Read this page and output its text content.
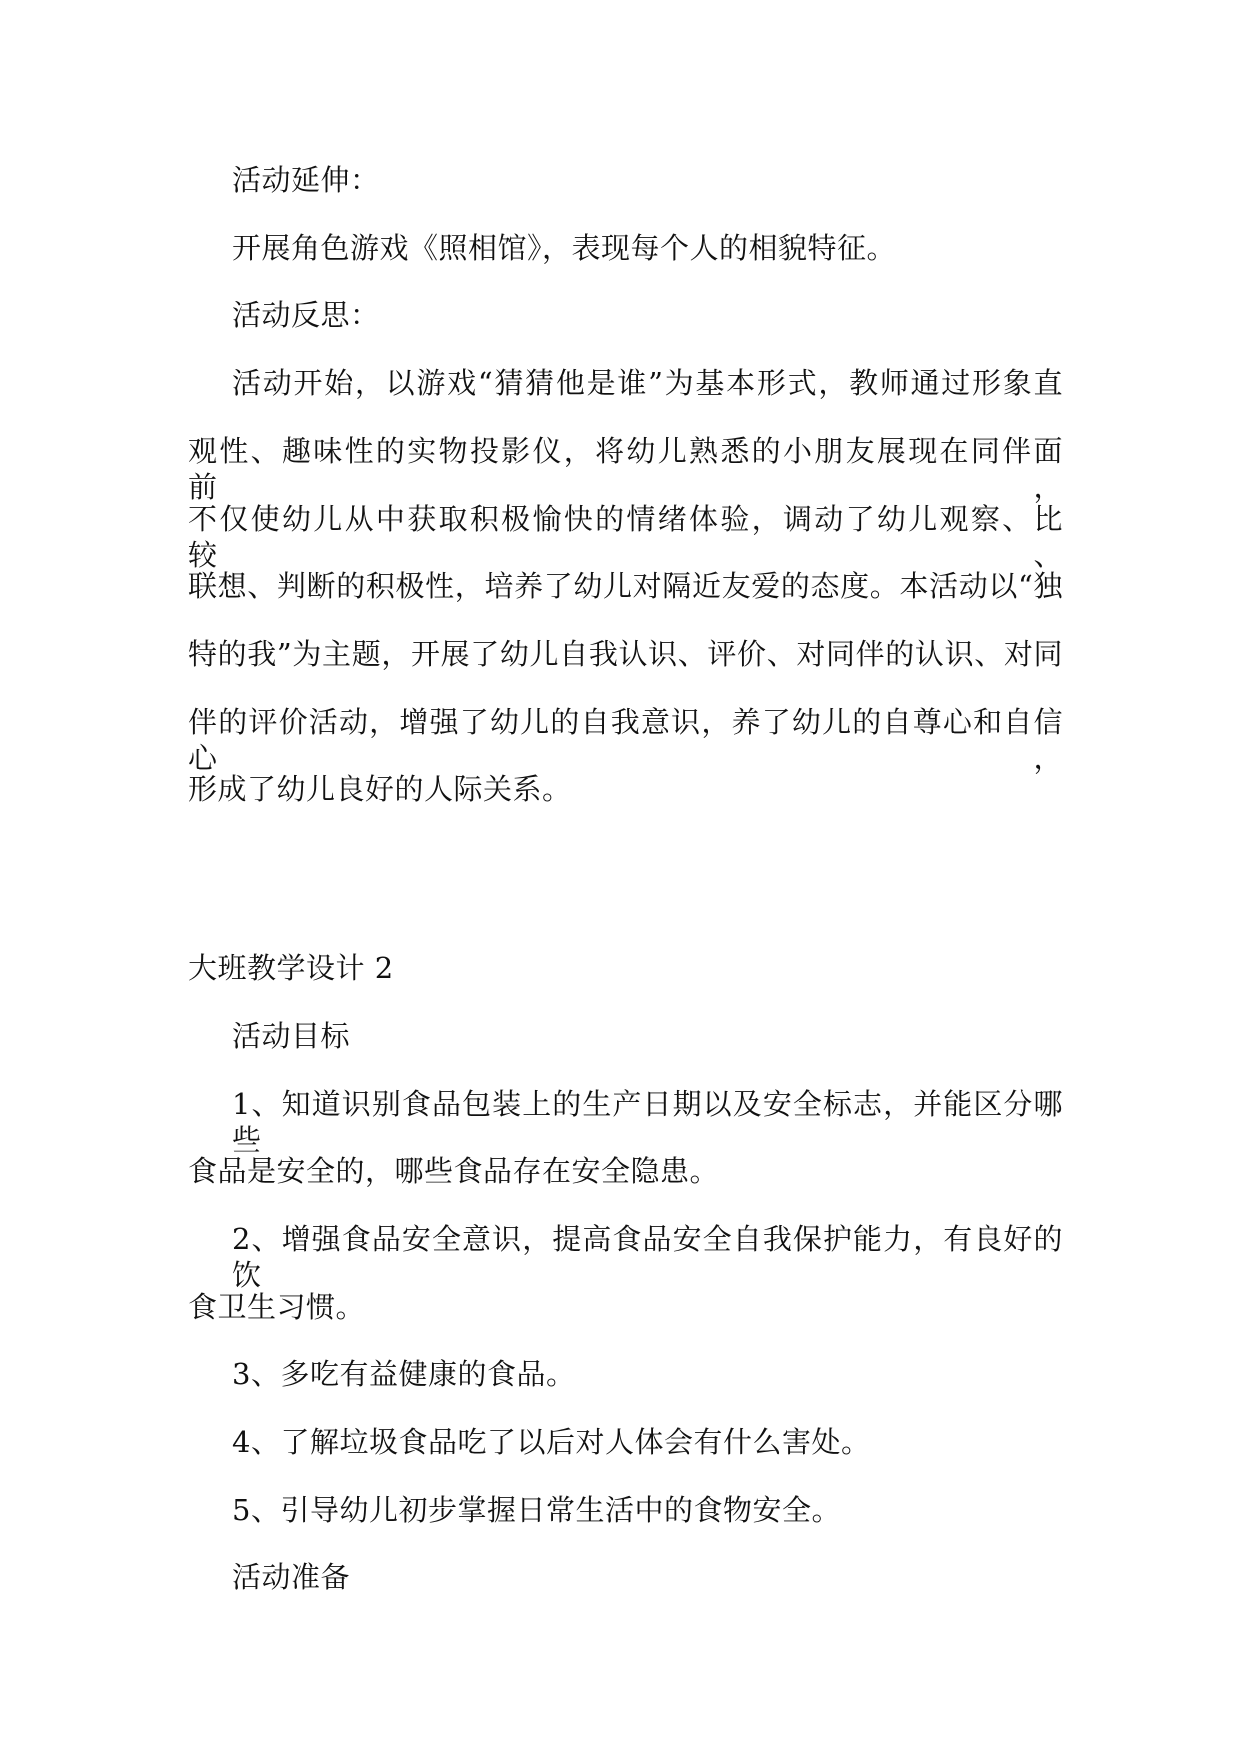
活动延伸：
开展角色游戏《照相馆》，表现每个人的相貌特征。
活动反思：
活动开始，以游戏“猜猜他是谁”为基本形式，教师通过形象直
观性、趣味性的实物投影仪，将幼儿熟悉的小朋友展现在同伴面前，
不仅使幼儿从中获取积极愉快的情绪体验，调动了幼儿观察、比较、
联想、判断的积极性，培养了幼儿对隔近友爱的态度。本活动以“独
特的我”为主题，开展了幼儿自我认识、评价、对同伴的认识、对同
伴的评价活动，增强了幼儿的自我意识，养了幼儿的自尊心和自信心，
形成了幼儿良好的人际关系。
大班教学设计 2
活动目标
1、知道识别食品包装上的生产日期以及安全标志，并能区分哪些
食品是安全的，哪些食品存在安全隐患。
2、增强食品安全意识，提高食品安全自我保护能力，有良好的饮
食卫生习惯。
3、多吃有益健康的食品。
4、了解垃圾食品吃了以后对人体会有什么害处。
5、引导幼儿初步掌握日常生活中的食物安全。
活动准备
